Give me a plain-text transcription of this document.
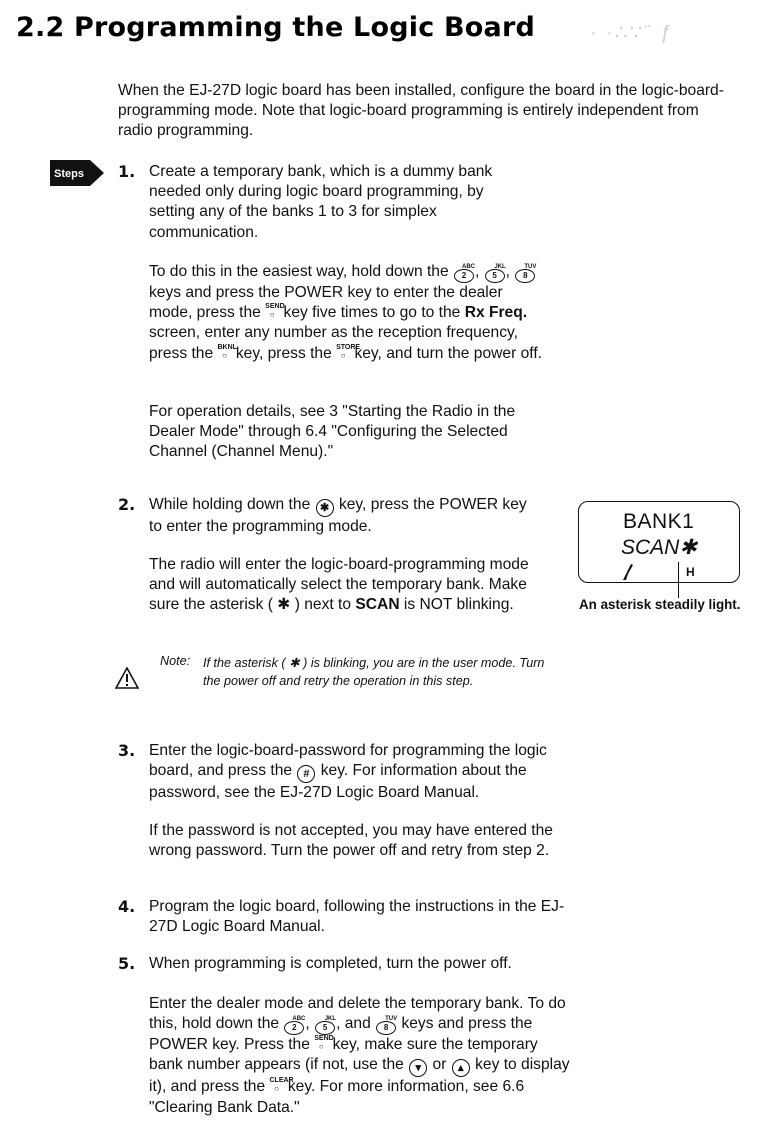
2.2 Programming the Logic Board	· ·∴∵¨ ƒ

When the EJ-27D logic board has been installed, configure the board in the logic-board-programming mode. Note that logic-board programming is entirely independent from radio programming.

Steps 1. Create a temporary bank, which is a dummy bank needed only during logic board programming, by setting any of the banks 1 to 3 for simplex communication.

To do this in the easiest way, hold down the 2
ABC , 5
JKL , 8
TUV
keys and press the POWER key to enter the dealer mode, press the SEND
○ key five times to go to the Rx Freq. screen, enter any number as the reception frequency, press the BKNL
○ key, press the STORE
○ key, and turn the power off.

For operation details, see 3 "Starting the Radio in the Dealer Mode" through 6.4 "Configuring the Selected Channel (Channel Menu)."

2. While holding down the ✱ key, press the POWER key to enter the programming mode.

The radio will enter the logic-board-programming mode and will automatically select the temporary bank. Make sure the asterisk ( ✱ ) next to SCAN is NOT blinking.

BANK1
SCAN✱
H
An asterisk steadily light.
Note: If the asterisk ( ✱ ) is blinking, you are in the user mode. Turn the power off and retry the operation in this step.
3. Enter the logic-board-password for programming the logic board, and press the # key. For information about the password, see the EJ-27D Logic Board Manual.

If the password is not accepted, you may have entered the wrong password. Turn the power off and retry from step 2.

4. Program the logic board, following the instructions in the EJ-27D Logic Board Manual.

5. When programming is completed, turn the power off.

Enter the dealer mode and delete the temporary bank. To do this, hold down the 2
ABC , 5
JKL , and 8
TUV keys and press the POWER key. Press the SEND
○ key, make sure the temporary bank number appears (if not, use the ▾ or ▴ key to display it), and press the CLEAR
○ key. For more information, see 6.6 "Clearing Bank Data."
